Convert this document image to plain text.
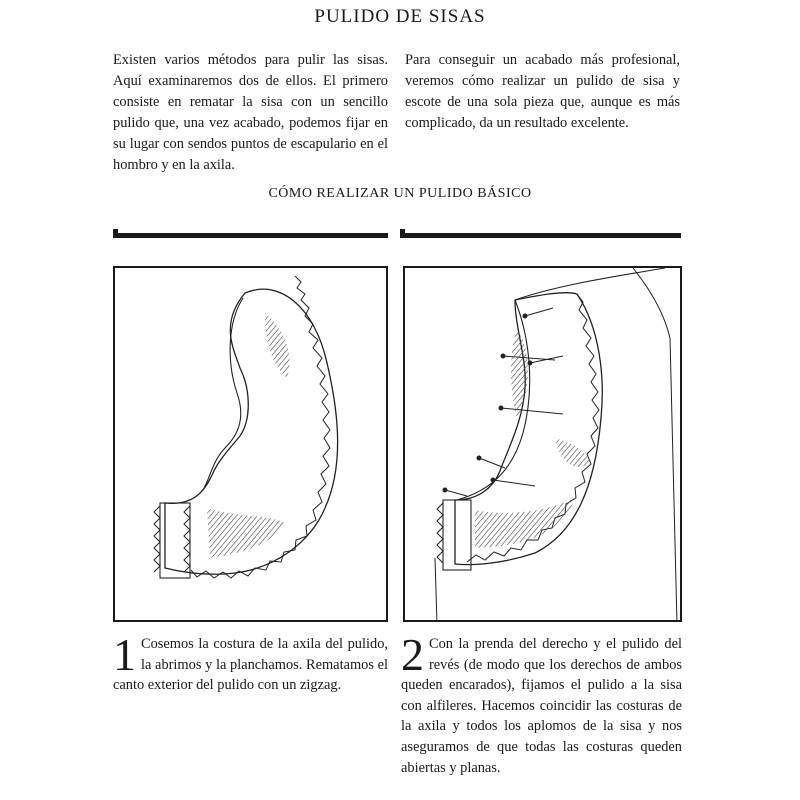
PULIDO DE SISAS
Existen varios métodos para pulir las sisas. Aquí examinaremos dos de ellos. El primero consiste en rematar la sisa con un sencillo pulido que, una vez acabado, podemos fijar en su lugar con sendos puntos de escapulario en el hombro y en la axila.
Para conseguir un acabado más profesional, veremos cómo realizar un pulido de sisa y escote de una sola pieza que, aunque es más complicado, da un resultado excelente.
CÓMO REALIZAR UN PULIDO BÁSICO
1 Cosemos la costura de la axila del pulido, la abrimos y la planchamos. Rematamos el canto exterior del pulido con un zigzag.
2 Con la prenda del derecho y el pulido del revés (de modo que los derechos de ambos queden encarados), fijamos el pulido a la sisa con alfileres. Hacemos coincidir las costuras de la axila y todos los aplomos de la sisa y nos aseguramos de que todas las costuras queden abiertas y planas.
